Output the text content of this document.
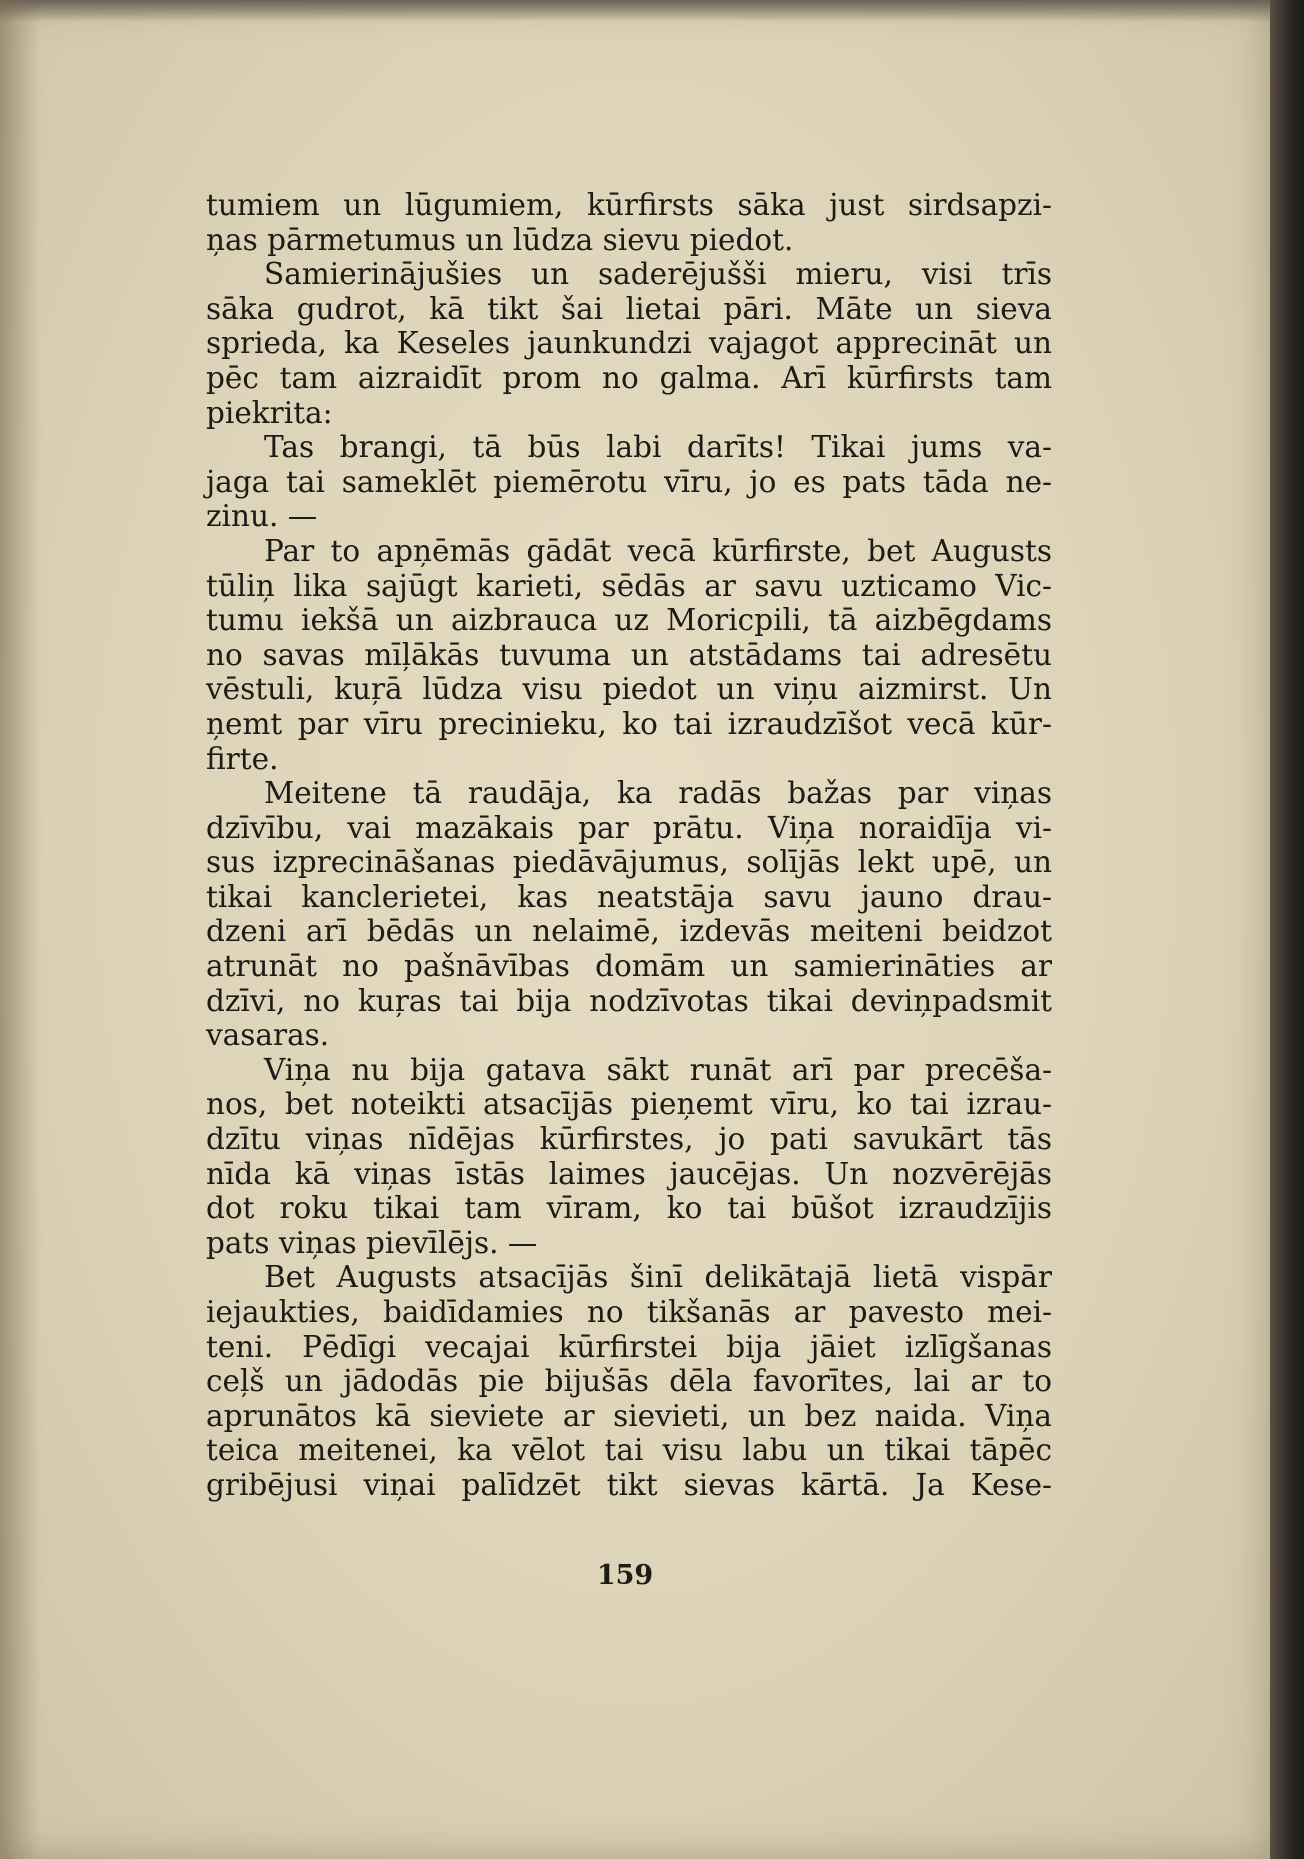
tumiem un lūgumiem, kūrfirsts sāka just sirdsapzi-
ņas pārmetumus un lūdza sievu piedot.
Samierinājušies un saderējušši mieru, visi trīs
sāka gudrot, kā tikt šai lietai pāri. Māte un sieva
sprieda, ka Keseles jaunkundzi vajagot apprecināt un
pēc tam aizraidīt prom no galma. Arī kūrfirsts tam
piekrita:
Tas brangi, tā būs labi darīts! Tikai jums va-
jaga tai sameklēt piemērotu vīru, jo es pats tāda ne-
zinu. —
Par to apņēmās gādāt vecā kūrfirste, bet Augusts
tūliņ lika sajūgt karieti, sēdās ar savu uzticamo Vic-
tumu iekšā un aizbrauca uz Moricpili, tā aizbēgdams
no savas mīļākās tuvuma un atstādams tai adresētu
vēstuli, kuŗā lūdza visu piedot un viņu aizmirst. Un
ņemt par vīru precinieku, ko tai izraudzīšot vecā kūr-
firte.
Meitene tā raudāja, ka radās bažas par viņas
dzīvību, vai mazākais par prātu. Viņa noraidīja vi-
sus izprecināšanas piedāvājumus, solījās lekt upē, un
tikai kanclerietei, kas neatstāja savu jauno drau-
dzeni arī bēdās un nelaimē, izdevās meiteni beidzot
atrunāt no pašnāvības domām un samierināties ar
dzīvi, no kuŗas tai bija nodzīvotas tikai deviņpadsmit
vasaras.
Viņa nu bija gatava sākt runāt arī par precēša-
nos, bet noteikti atsacījās pieņemt vīru, ko tai izrau-
dzītu viņas nīdējas kūrfirstes, jo pati savukārt tās
nīda kā viņas īstās laimes jaucējas. Un nozvērējās
dot roku tikai tam vīram, ko tai būšot izraudzījis
pats viņas pievīlējs. —
Bet Augusts atsacījās šinī delikātajā lietā vispār
iejaukties, baidīdamies no tikšanās ar pavesto mei-
teni. Pēdīgi vecajai kūrfirstei bija jāiet izlīgšanas
ceļš un jādodās pie bijušās dēla favorītes, lai ar to
aprunātos kā sieviete ar sievieti, un bez naida. Viņa
teica meitenei, ka vēlot tai visu labu un tikai tāpēc
gribējusi viņai palīdzēt tikt sievas kārtā. Ja Kese-
159
